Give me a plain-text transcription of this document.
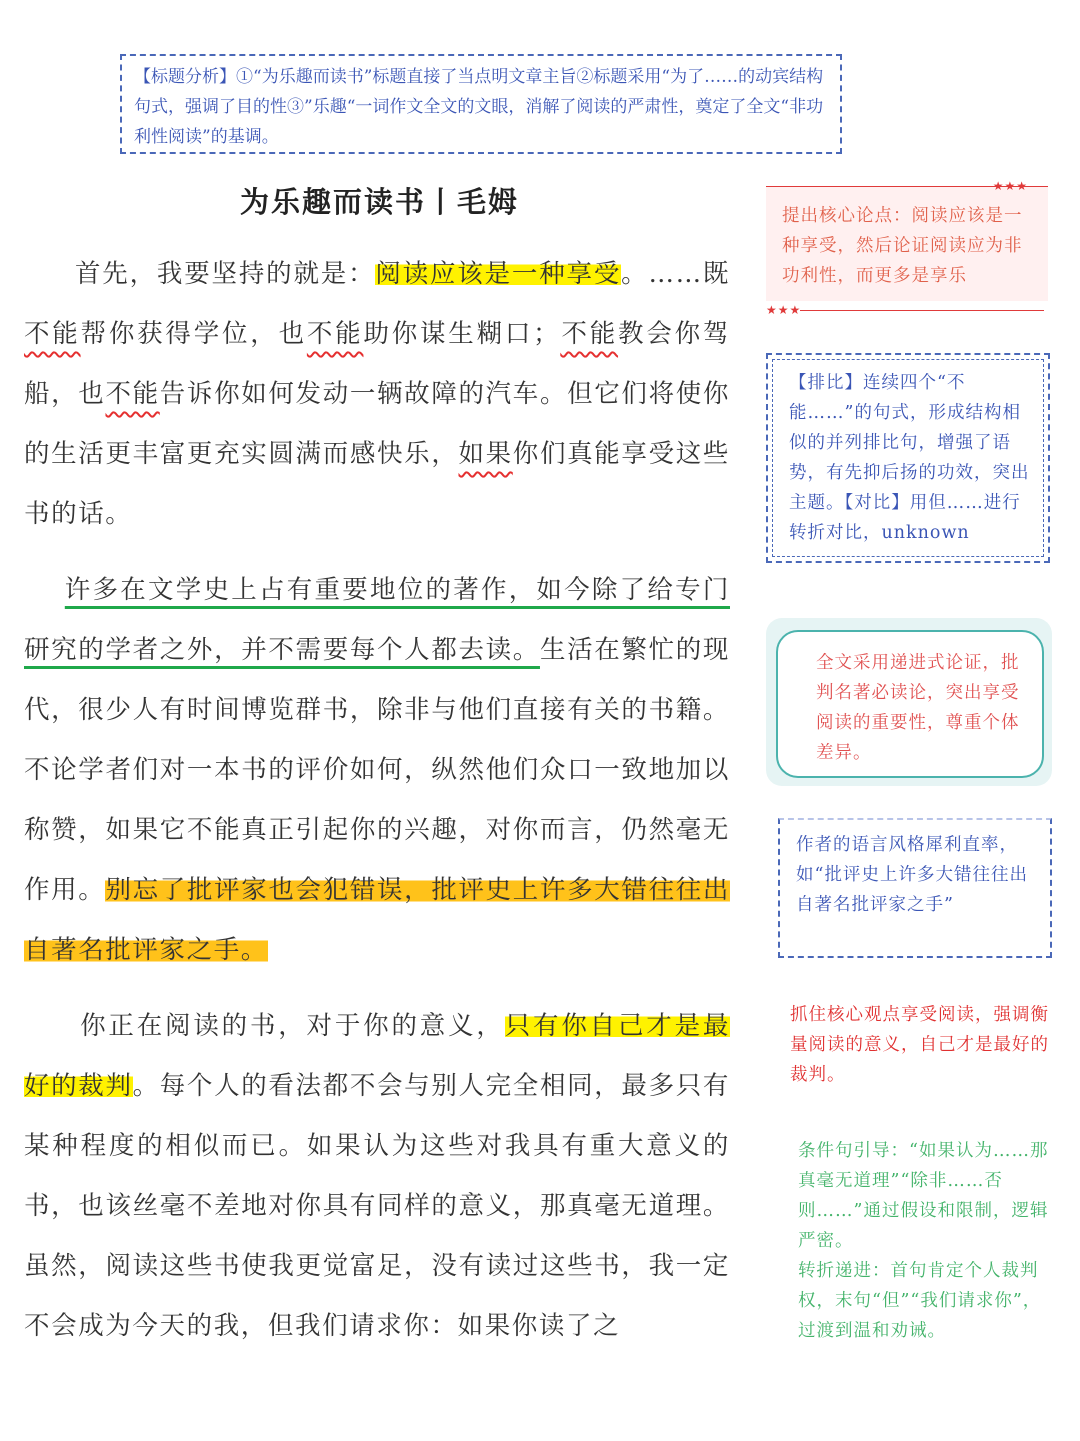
【标题分析】①“为乐趣而读书”标题直接了当点明文章主旨②标题采用“为了……的动宾结构句式，强调了目的性③”乐趣“一词作文全文的文眼，消解了阅读的严肃性，奠定了全文“非功利性阅读”的基调。
为乐趣而读书丨毛姆

首先，我要坚持的就是：阅读应该是一种享受。……既不能帮你获得学位，也不能助你谋生糊口；不能教会你驾船，也不能告诉你如何发动一辆故障的汽车。但它们将使你的生活更丰富更充实圆满而感快乐，如果你们真能享受这些书的话。

许多在文学史上占有重要地位的著作，如今除了给专门研究的学者之外，并不需要每个人都去读。生活在繁忙的现代，很少人有时间博览群书，除非与他们直接有关的书籍。不论学者们对一本书的评价如何，纵然他们众口一致地加以称赞，如果它不能真正引起你的兴趣，对你而言，仍然毫无作用。别忘了批评家也会犯错误，批评史上许多大错往往出自著名批评家之手。

你正在阅读的书，对于你的意义，只有你自己才是最好的裁判。每个人的看法都不会与别人完全相同，最多只有某种程度的相似而已。如果认为这些对我具有重大意义的书，也该丝毫不差地对你具有同样的意义，那真毫无道理。虽然，阅读这些书使我更觉富足，没有读过这些书，我一定不会成为今天的我，但我们请求你：如果你读了之

★★★
提出核心论点：阅读应该是一种享受，然后论证阅读应为非功利性，而更多是享乐
★★★
【排比】连续四个“不能……”的句式，形成结构相似的并列排比句，增强了语势，有先抑后扬的功效，突出主题。【对比】用但……进行转折对比，unknown
全文采用递进式论证，批判名著必读论，突出享受阅读的重要性，尊重个体差异。
作者的语言风格犀利直率，如“批评史上许多大错往往出自著名批评家之手”
抓住核心观点享受阅读，强调衡量阅读的意义，自己才是最好的裁判。

条件句引导：“如果认为……那真毫无道理”“除非……否则……”通过假设和限制，逻辑严密。

转折递进：首句肯定个人裁判权，末句“但”“我们请求你”，过渡到温和劝诫。
